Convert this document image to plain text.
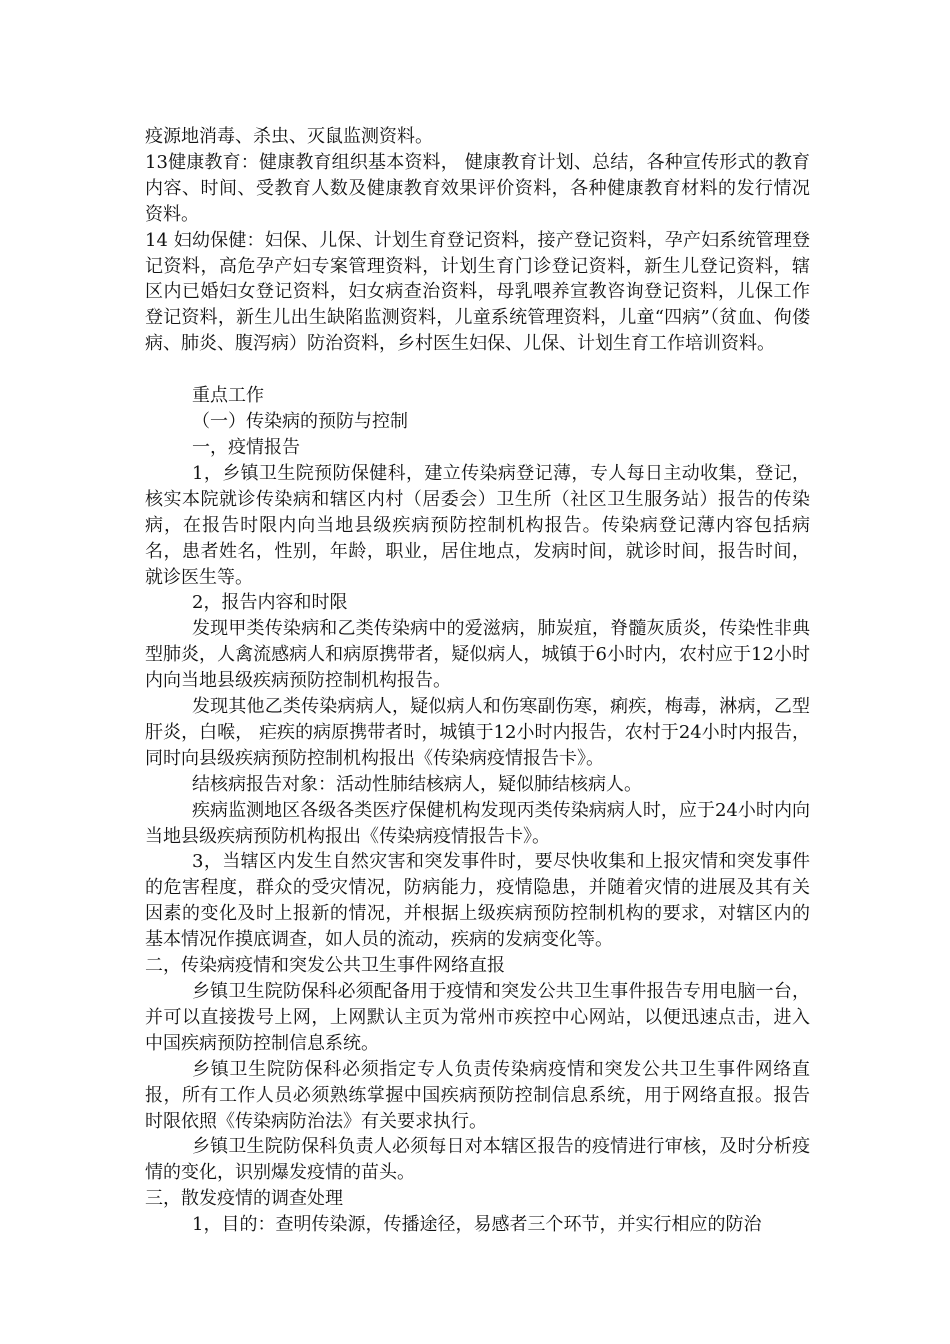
疫源地消毒、杀虫、灭鼠监测资料。

13健康教育：健康教育组织基本资料， 健康教育计划、总结，各种宣传形式的教育内容、时间、受教育人数及健康教育效果评价资料，各种健康教育材料的发行情况资料。

14 妇幼保健：妇保、儿保、计划生育登记资料，接产登记资料，孕产妇系统管理登记资料，高危孕产妇专案管理资料，计划生育门诊登记资料，新生儿登记资料，辖区内已婚妇女登记资料，妇女病查治资料，母乳喂养宣教咨询登记资料，儿保工作登记资料，新生儿出生缺陷监测资料，儿童系统管理资料，儿童“四病”（贫血、佝偻病、肺炎、腹泻病）防治资料，乡村医生妇保、儿保、计划生育工作培训资料。

重点工作

（一）传染病的预防与控制

一，疫情报告

1，乡镇卫生院预防保健科，建立传染病登记薄，专人每日主动收集，登记，核实本院就诊传染病和辖区内村（居委会）卫生所（社区卫生服务站）报告的传染病，在报告时限内向当地县级疾病预防控制机构报告。传染病登记薄内容包括病名，患者姓名，性别，年龄，职业，居住地点，发病时间，就诊时间，报告时间，就诊医生等。

2，报告内容和时限

发现甲类传染病和乙类传染病中的爱滋病，肺炭疽，脊髓灰质炎，传染性非典型肺炎，人禽流感病人和病原携带者，疑似病人，城镇于6小时内，农村应于12小时内向当地县级疾病预防控制机构报告。

发现其他乙类传染病病人，疑似病人和伤寒副伤寒，痢疾，梅毒，淋病，乙型肝炎，白喉， 疟疾的病原携带者时，城镇于12小时内报告，农村于24小时内报告，同时向县级疾病预防控制机构报出《传染病疫情报告卡》。

结核病报告对象：活动性肺结核病人，疑似肺结核病人。

疾病监测地区各级各类医疗保健机构发现丙类传染病病人时，应于24小时内向当地县级疾病预防机构报出《传染病疫情报告卡》。

3，当辖区内发生自然灾害和突发事件时，要尽快收集和上报灾情和突发事件的危害程度，群众的受灾情况，防病能力，疫情隐患，并随着灾情的进展及其有关因素的变化及时上报新的情况，并根据上级疾病预防控制机构的要求，对辖区内的基本情况作摸底调查，如人员的流动，疾病的发病变化等。

二，传染病疫情和突发公共卫生事件网络直报

乡镇卫生院防保科必须配备用于疫情和突发公共卫生事件报告专用电脑一台，并可以直接拨号上网，上网默认主页为常州市疾控中心网站，以便迅速点击，进入中国疾病预防控制信息系统。

乡镇卫生院防保科必须指定专人负责传染病疫情和突发公共卫生事件网络直报，所有工作人员必须熟练掌握中国疾病预防控制信息系统，用于网络直报。报告时限依照《传染病防治法》有关要求执行。

乡镇卫生院防保科负责人必须每日对本辖区报告的疫情进行审核，及时分析疫情的变化，识别爆发疫情的苗头。

三，散发疫情的调查处理

1，目的：查明传染源，传播途径，易感者三个环节，并实行相应的防治
